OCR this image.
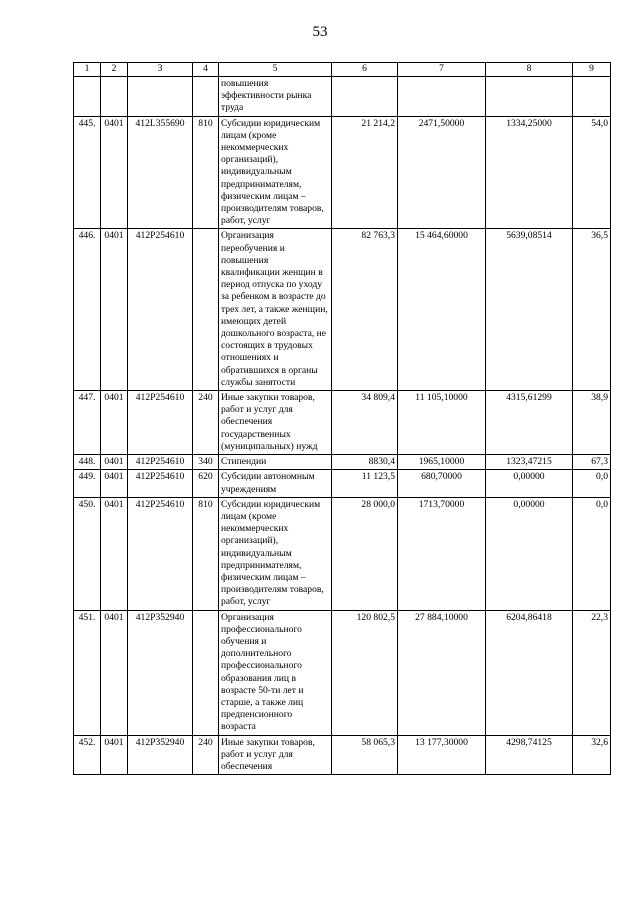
53
1	2	3	4	5	6	7	8	9
				повышения эффективности рынка труда				
445.	0401	412L355690	810	Субсидии юридическим лицам (кроме некоммерческих организаций), индивидуальным предпринимателям, физическим лицам – производителям товаров, работ, услуг	21 214,2	2471,50000	1334,25000	54,0
446.	0401	412P254610		Организация переобучения и повышения квалификации женщин в период отпуска по уходу за ребенком в возрасте до трех лет, а также женщин, имеющих детей дошкольного возраста, не состоящих в трудовых отношениях и обратившихся в органы службы занятости	82 763,3	15 464,60000	5639,08514	36,5
447.	0401	412P254610	240	Иные закупки товаров, работ и услуг для обеспечения государственных (муниципальных) нужд	34 809,4	11 105,10000	4315,61299	38,9
448.	0401	412P254610	340	Стипендии	8830,4	1965,10000	1323,47215	67,3
449.	0401	412P254610	620	Субсидии автономным учреждениям	11 123,5	680,70000	0,00000	0,0
450.	0401	412P254610	810	Субсидии юридическим лицам (кроме некоммерческих организаций), индивидуальным предпринимателям, физическим лицам – производителям товаров, работ, услуг	28 000,0	1713,70000	0,00000	0,0
451.	0401	412P352940		Организация профессионального обучения и дополнительного профессионального образования лиц в возрасте 50-ти лет и старше, а также лиц предпенсионного возраста	120 802,5	27 884,10000	6204,86418	22,3
452.	0401	412P352940	240	Иные закупки товаров, работ и услуг для обеспечения	58 065,3	13 177,30000	4298,74125	32,6
